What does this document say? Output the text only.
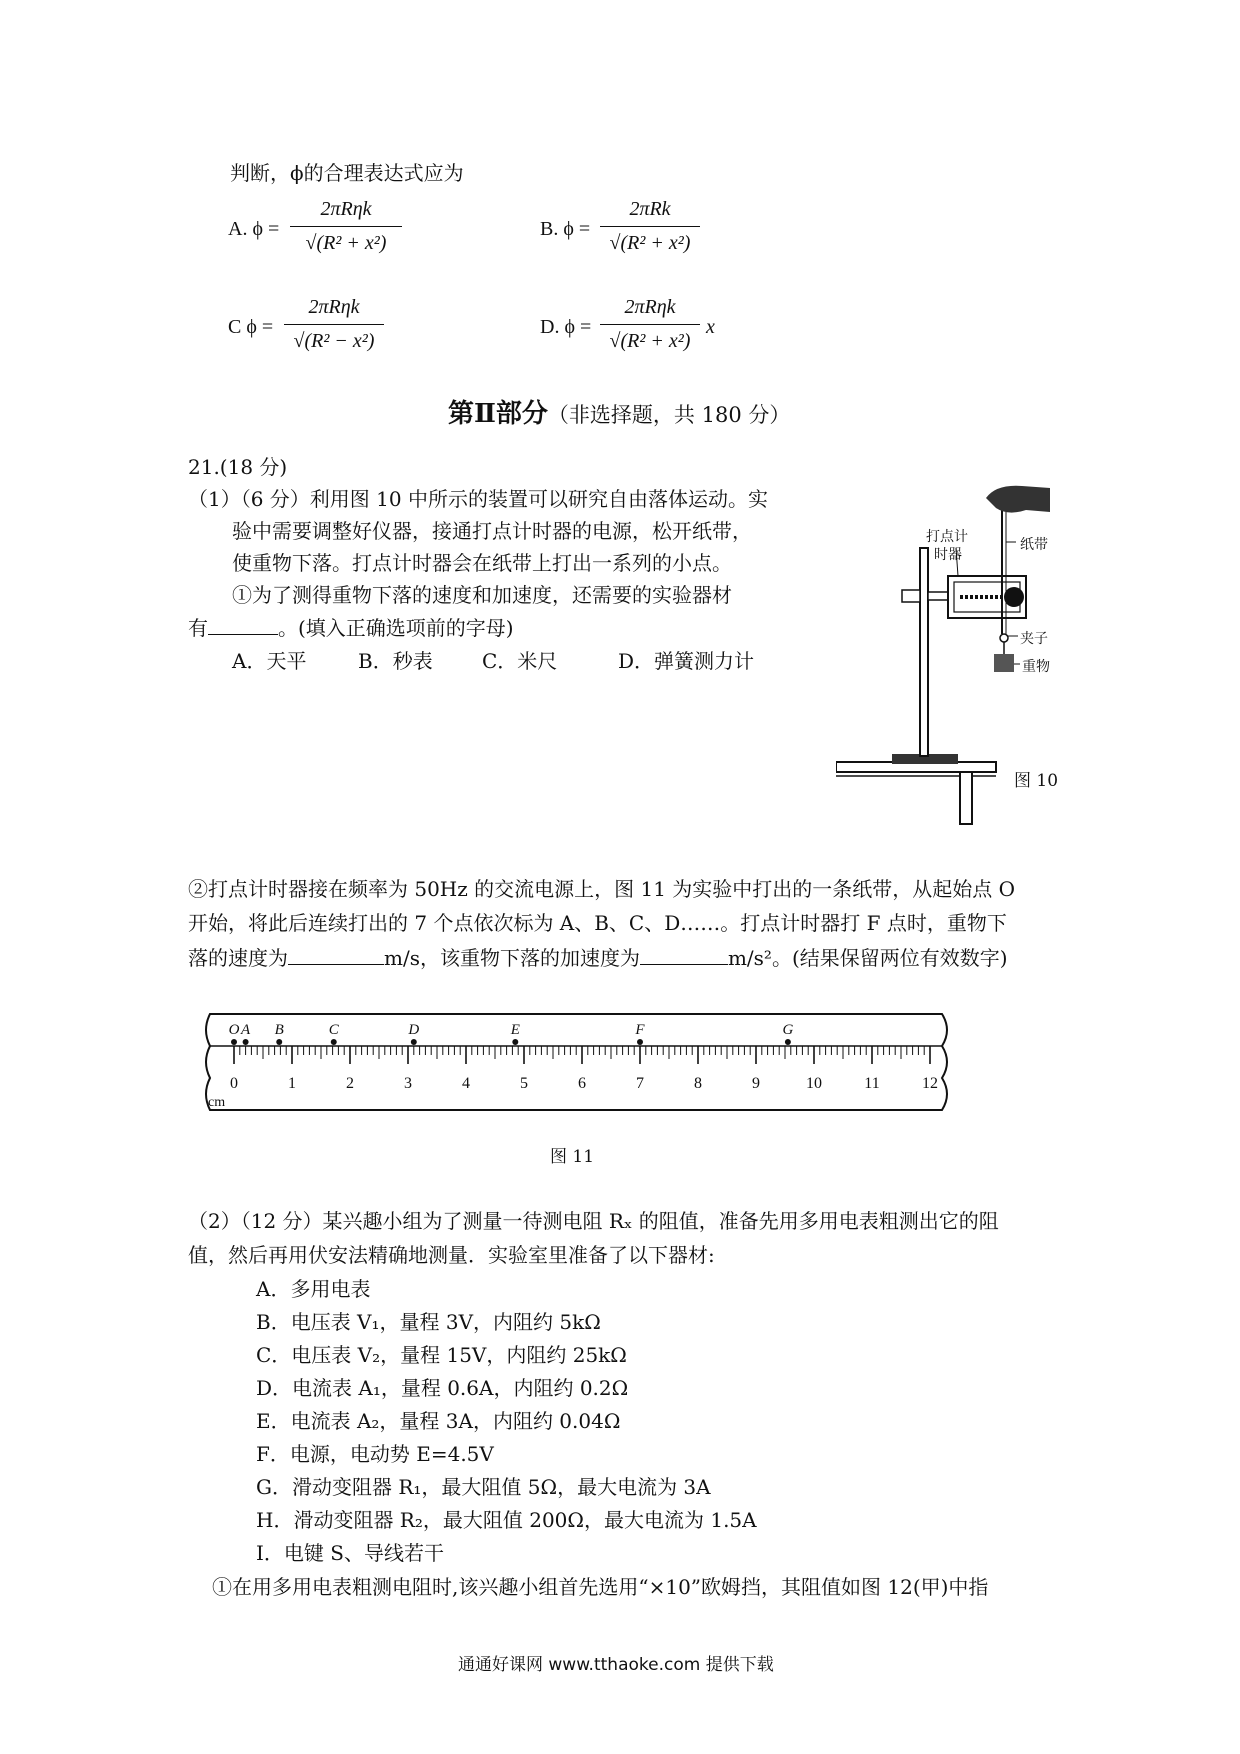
判断，ϕ的合理表达式应为
A. ϕ =
2πRηk
√(R² + x²)
B. ϕ =
2πRk
√(R² + x²)
C ϕ =
2πRηk
√(R² − x²)
D. ϕ =
2πRηk
√(R² + x²)
x
第Ⅱ部分（非选择题，共 180 分）
21.(18 分)
（1）（6 分）利用图 10 中所示的装置可以研究自由落体运动。实
验中需要调整好仪器，接通打点计时器的电源，松开纸带，
使重物下落。打点计时器会在纸带上打出一系列的小点。
①为了测得重物下落的速度和加速度，还需要的实验器材
有	。(填入正确选项前的字母)
A．天平	B．秒表 C．米尺	D．弹簧测力计
打点计
时器
纸带
夹子
重物
图 10
②打点计时器接在频率为 50Hz 的交流电源上，图 11 为实验中打出的一条纸带，从起始点 O
开始，将此后连续打出的 7 个点依次标为 A、B、C、D……。打点计时器打 F 点时，重物下
落的速度为	m/s，该重物下落的加速度为	m/s²。(结果保留两位有效数字)
0	1	2	3	4	5	6	7	8	9	10	11	12
O A B	C	D	E	F	G
cm
图 11
（2）（12 分）某兴趣小组为了测量一待测电阻 Rₓ 的阻值，准备先用多用电表粗测出它的阻
值，然后再用伏安法精确地测量．实验室里准备了以下器材:
A．多用电表
B．电压表 V₁，量程 3V，内阻约 5kΩ
C．电压表 V₂，量程 15V，内阻约 25kΩ
D．电流表 A₁，量程 0.6A，内阻约 0.2Ω
E．电流表 A₂，量程 3A，内阻约 0.04Ω
F．电源，电动势 E=4.5V
G．滑动变阻器 R₁，最大阻值 5Ω，最大电流为 3A
H．滑动变阻器 R₂，最大阻值 200Ω，最大电流为 1.5A
I．电键 S、导线若干
①在用多用电表粗测电阻时,该兴趣小组首先选用“×10”欧姆挡，其阻值如图 12(甲)中指
通通好课网 www.tthaoke.com 提供下载
